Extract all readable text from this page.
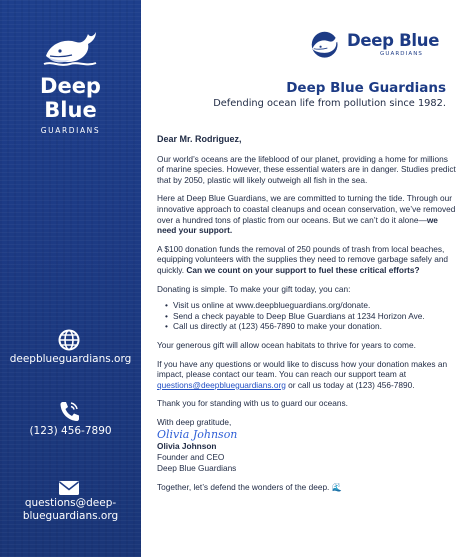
Deep
Blue
GUARDIANS
deepblueguardians.org
(123) 456-7890
questions@deep-
blueguardians.org
Deep Blue
GUARDIANS
Deep Blue Guardians
Defending ocean life from pollution since 1982.

Dear Mr. Rodriguez,

Our world’s oceans are the lifeblood of our planet, providing a home for millions of marine species. However, these essential waters are in danger. Studies predict that by 2050, plastic will likely outweigh all fish in the sea.

Here at Deep Blue Guardians, we are committed to turning the tide. Through our innovative approach to coastal cleanups and ocean conservation, we’ve removed over a hundred tons of plastic from our oceans. But we can’t do it alone—we need your support.

A $100 donation funds the removal of 250 pounds of trash from local beaches, equipping volunteers with the supplies they need to remove garbage safely and quickly. Can we count on your support to fuel these critical efforts?

Donating is simple. To make your gift today, you can:

• Visit us online at www.deepblueguardians.org/donate.
• Send a check payable to Deep Blue Guardians at 1234 Horizon Ave.
• Call us directly at (123) 456-7890 to make your donation.

Your generous gift will allow ocean habitats to thrive for years to come.

If you have any questions or would like to discuss how your donation makes an impact, please contact our team. You can reach our support team at questions@deepblueguardians.org or call us today at (123) 456-7890.

Thank you for standing with us to guard our oceans.

With deep gratitude,

Olivia Johnson

Olivia Johnson

Founder and CEO

Deep Blue Guardians

Together, let’s defend the wonders of the deep. 🌊
